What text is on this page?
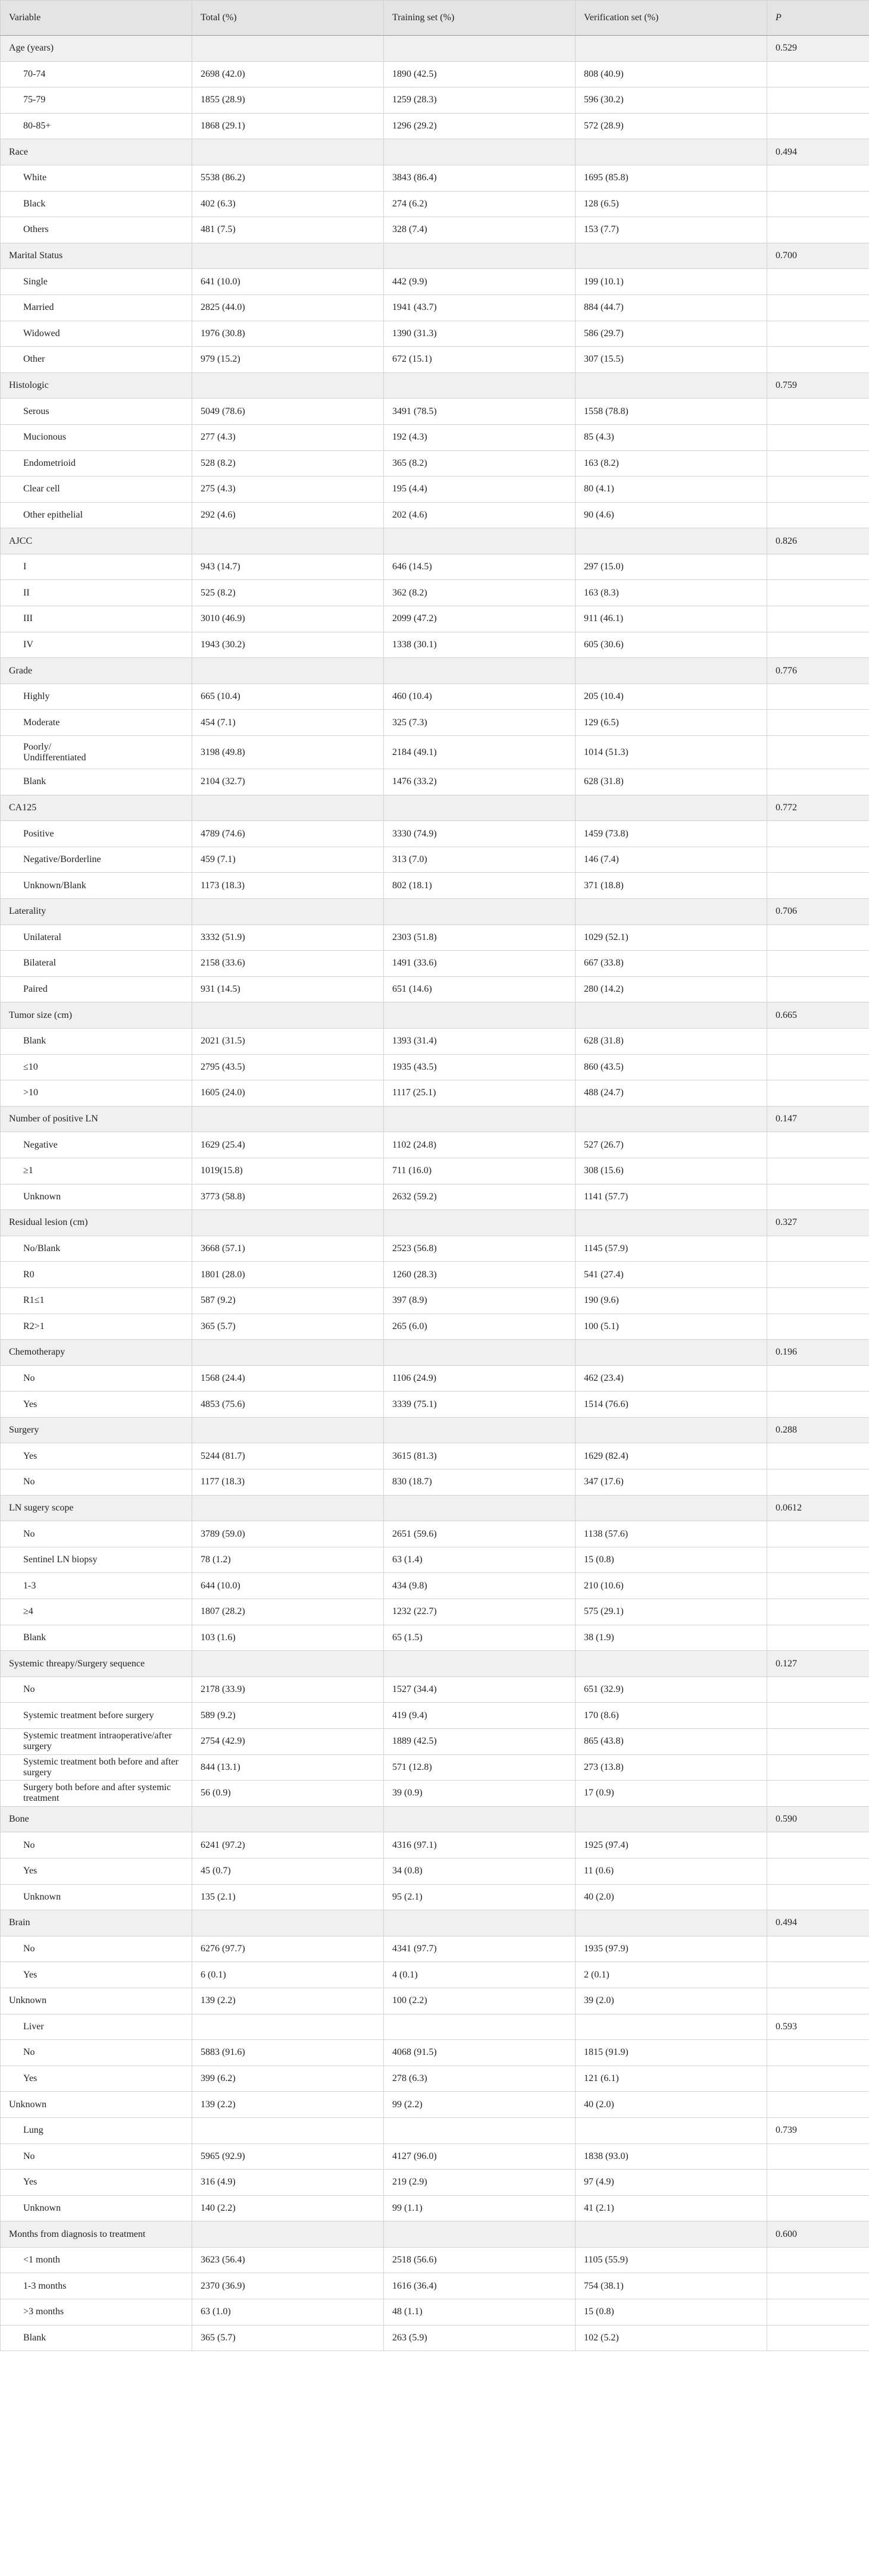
Variable	Total (%)	Training set (%)	Verification set (%)	P
Age (years)				0.529
70-74	2698 (42.0)	1890 (42.5)	808 (40.9)	
75-79	1855 (28.9)	1259 (28.3)	596 (30.2)	
80-85+	1868 (29.1)	1296 (29.2)	572 (28.9)	
Race				0.494
White	5538 (86.2)	3843 (86.4)	1695 (85.8)	
Black	402 (6.3)	274 (6.2)	128 (6.5)	
Others	481 (7.5)	328 (7.4)	153 (7.7)	
Marital Status				0.700
Single	641 (10.0)	442 (9.9)	199 (10.1)	
Married	2825 (44.0)	1941 (43.7)	884 (44.7)	
Widowed	1976 (30.8)	1390 (31.3)	586 (29.7)	
Other	979 (15.2)	672 (15.1)	307 (15.5)	
Histologic				0.759
Serous	5049 (78.6)	3491 (78.5)	1558 (78.8)	
Mucionous	277 (4.3)	192 (4.3)	85 (4.3)	
Endometrioid	528 (8.2)	365 (8.2)	163 (8.2)	
Clear cell	275 (4.3)	195 (4.4)	80 (4.1)	
Other epithelial	292 (4.6)	202 (4.6)	90 (4.6)	
AJCC				0.826
I	943 (14.7)	646 (14.5)	297 (15.0)	
II	525 (8.2)	362 (8.2)	163 (8.3)	
III	3010 (46.9)	2099 (47.2)	911 (46.1)	
IV	1943 (30.2)	1338 (30.1)	605 (30.6)	
Grade				0.776
Highly	665 (10.4)	460 (10.4)	205 (10.4)	
Moderate	454 (7.1)	325 (7.3)	129 (6.5)	
Poorly/
Undifferentiated	3198 (49.8)	2184 (49.1)	1014 (51.3)	
Blank	2104 (32.7)	1476 (33.2)	628 (31.8)	
CA125				0.772
Positive	4789 (74.6)	3330 (74.9)	1459 (73.8)	
Negative/Borderline	459 (7.1)	313 (7.0)	146 (7.4)	
Unknown/Blank	1173 (18.3)	802 (18.1)	371 (18.8)	
Laterality				0.706
Unilateral	3332 (51.9)	2303 (51.8)	1029 (52.1)	
Bilateral	2158 (33.6)	1491 (33.6)	667 (33.8)	
Paired	931 (14.5)	651 (14.6)	280 (14.2)	
Tumor size (cm)				0.665
Blank	2021 (31.5)	1393 (31.4)	628 (31.8)	
≤10	2795 (43.5)	1935 (43.5)	860 (43.5)	
>10	1605 (24.0)	1117 (25.1)	488 (24.7)	
Number of positive LN				0.147
Negative	1629 (25.4)	1102 (24.8)	527 (26.7)	
≥1	1019(15.8)	711 (16.0)	308 (15.6)	
Unknown	3773 (58.8)	2632 (59.2)	1141 (57.7)	
Residual lesion (cm)				0.327
No/Blank	3668 (57.1)	2523 (56.8)	1145 (57.9)	
R0	1801 (28.0)	1260 (28.3)	541 (27.4)	
R1≤1	587 (9.2)	397 (8.9)	190 (9.6)	
R2>1	365 (5.7)	265 (6.0)	100 (5.1)	
Chemotherapy				0.196
No	1568 (24.4)	1106 (24.9)	462 (23.4)	
Yes	4853 (75.6)	3339 (75.1)	1514 (76.6)	
Surgery				0.288
Yes	5244 (81.7)	3615 (81.3)	1629 (82.4)	
No	1177 (18.3)	830 (18.7)	347 (17.6)	
LN sugery scope				0.0612
No	3789 (59.0)	2651 (59.6)	1138 (57.6)	
Sentinel LN biopsy	78 (1.2)	63 (1.4)	15 (0.8)	
1-3	644 (10.0)	434 (9.8)	210 (10.6)	
≥4	1807 (28.2)	1232 (22.7)	575 (29.1)	
Blank	103 (1.6)	65 (1.5)	38 (1.9)	
Systemic threapy/Surgery sequence				0.127
No	2178 (33.9)	1527 (34.4)	651 (32.9)	
Systemic treatment before surgery	589 (9.2)	419 (9.4)	170 (8.6)	
Systemic treatment intraoperative/after surgery	2754 (42.9)	1889 (42.5)	865 (43.8)	
Systemic treatment both before and after surgery	844 (13.1)	571 (12.8)	273 (13.8)	
Surgery both before and after systemic treatment	56 (0.9)	39 (0.9)	17 (0.9)	
Bone				0.590
No	6241 (97.2)	4316 (97.1)	1925 (97.4)	
Yes	45 (0.7)	34 (0.8)	11 (0.6)	
Unknown	135 (2.1)	95 (2.1)	40 (2.0)	
Brain				0.494
No	6276 (97.7)	4341 (97.7)	1935 (97.9)	
Yes	6 (0.1)	4 (0.1)	2 (0.1)	
Unknown	139 (2.2)	100 (2.2)	39 (2.0)	
Liver				0.593
No	5883 (91.6)	4068 (91.5)	1815 (91.9)	
Yes	399 (6.2)	278 (6.3)	121 (6.1)	
Unknown	139 (2.2)	99 (2.2)	40 (2.0)	
Lung				0.739
No	5965 (92.9)	4127 (96.0)	1838 (93.0)	
Yes	316 (4.9)	219 (2.9)	97 (4.9)	
Unknown	140 (2.2)	99 (1.1)	41 (2.1)	
Months from diagnosis to treatment				0.600
<1 month	3623 (56.4)	2518 (56.6)	1105 (55.9)	
1-3 months	2370 (36.9)	1616 (36.4)	754 (38.1)	
>3 months	63 (1.0)	48 (1.1)	15 (0.8)	
Blank	365 (5.7)	263 (5.9)	102 (5.2)	
